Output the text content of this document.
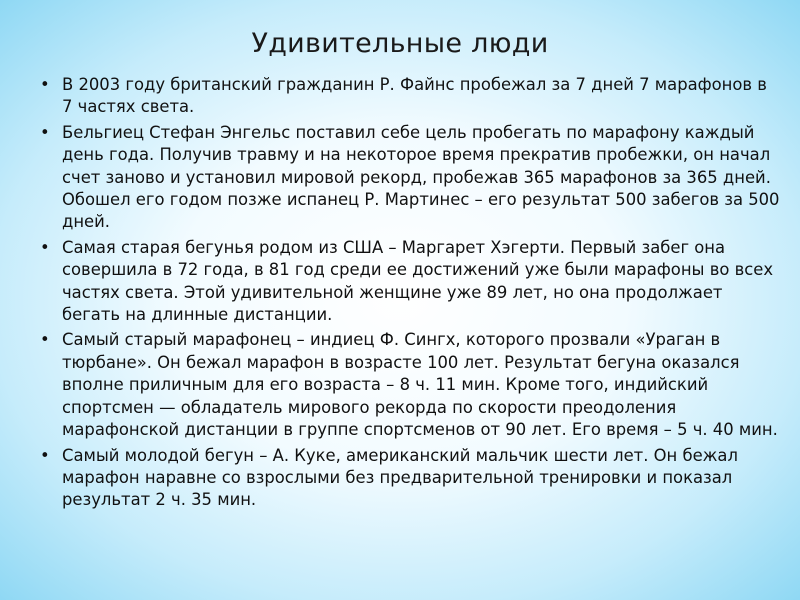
Удивительные люди
• В 2003 году британский гражданин Р. Файнс пробежал за 7 дней 7 марафонов в 7 частях света.
• Бельгиец Стефан Энгельс поставил себе цель пробегать по марафону каждый день года. Получив травму и на некоторое время прекратив пробежки, он начал счет заново и установил мировой рекорд, пробежав 365 марафонов за 365 дней. Обошел его годом позже испанец Р. Мартинес – его результат 500 забегов за 500 дней.
• Самая старая бегунья родом из США – Маргарет Хэгерти. Первый забег она совершила в 72 года, в 81 год среди ее достижений уже были марафоны во всех частях света. Этой удивительной женщине уже 89 лет, но она продолжает бегать на длинные дистанции.
• Самый старый марафонец – индиец Ф. Сингх, которого прозвали «Ураган в тюрбане». Он бежал марафон в возрасте 100 лет. Результат бегуна оказался вполне приличным для его возраста – 8 ч. 11 мин. Кроме того, индийский спортсмен — обладатель мирового рекорда по скорости преодоления марафонской дистанции в группе спортсменов от 90 лет. Его время – 5 ч. 40 мин.
• Самый молодой бегун – А. Куке, американский мальчик шести лет. Он бежал марафон наравне со взрослыми без предварительной тренировки и показал результат 2 ч. 35 мин.
